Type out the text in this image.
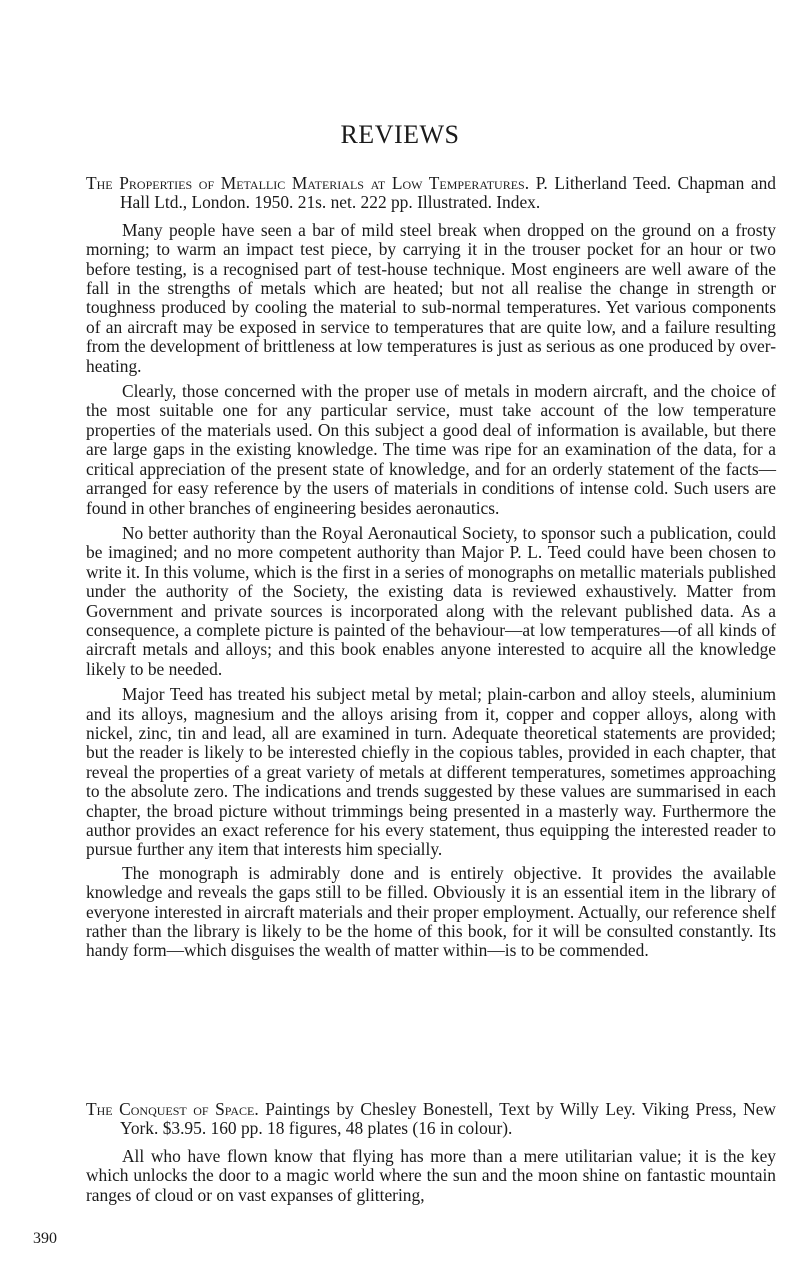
REVIEWS

The Properties of Metallic Materials at Low Temperatures. P. Litherland Teed. Chapman and Hall Ltd., London. 1950. 21s. net. 222 pp. Illustrated. Index.

Many people have seen a bar of mild steel break when dropped on the ground on a frosty morning; to warm an impact test piece, by carrying it in the trouser pocket for an hour or two before testing, is a recognised part of test-house technique. Most engineers are well aware of the fall in the strengths of metals which are heated; but not all realise the change in strength or toughness produced by cooling the material to sub-normal temperatures. Yet various components of an aircraft may be exposed in service to temperatures that are quite low, and a failure resulting from the development of brittleness at low temperatures is just as serious as one produced by over-heating.

Clearly, those concerned with the proper use of metals in modern aircraft, and the choice of the most suitable one for any particular service, must take account of the low temperature properties of the materials used. On this subject a good deal of information is available, but there are large gaps in the existing knowledge. The time was ripe for an examination of the data, for a critical appreciation of the present state of knowledge, and for an orderly statement of the facts—arranged for easy reference by the users of materials in conditions of intense cold. Such users are found in other branches of engineering besides aeronautics.

No better authority than the Royal Aeronautical Society, to sponsor such a publication, could be imagined; and no more competent authority than Major P. L. Teed could have been chosen to write it. In this volume, which is the first in a series of monographs on metallic materials published under the authority of the Society, the existing data is reviewed exhaustively. Matter from Government and private sources is incorporated along with the relevant published data. As a consequence, a complete picture is painted of the behaviour—at low temperatures—of all kinds of aircraft metals and alloys; and this book enables anyone interested to acquire all the knowledge likely to be needed.

Major Teed has treated his subject metal by metal; plain-carbon and alloy steels, aluminium and its alloys, magnesium and the alloys arising from it, copper and copper alloys, along with nickel, zinc, tin and lead, all are examined in turn. Adequate theoretical statements are provided; but the reader is likely to be interested chiefly in the copious tables, provided in each chapter, that reveal the properties of a great variety of metals at different temperatures, sometimes approaching to the absolute zero. The indications and trends suggested by these values are summarised in each chapter, the broad picture without trimmings being presented in a masterly way. Furthermore the author provides an exact reference for his every statement, thus equipping the interested reader to pursue further any item that interests him specially.

The monograph is admirably done and is entirely objective. It provides the available knowledge and reveals the gaps still to be filled. Obviously it is an essential item in the library of everyone interested in aircraft materials and their proper employment. Actually, our reference shelf rather than the library is likely to be the home of this book, for it will be consulted constantly. Its handy form—which disguises the wealth of matter within—is to be commended.

The Conquest of Space. Paintings by Chesley Bonestell, Text by Willy Ley. Viking Press, New York. $3.95. 160 pp. 18 figures, 48 plates (16 in colour).

All who have flown know that flying has more than a mere utilitarian value; it is the key which unlocks the door to a magic world where the sun and the moon shine on fantastic mountain ranges of cloud or on vast expanses of glittering,

390
